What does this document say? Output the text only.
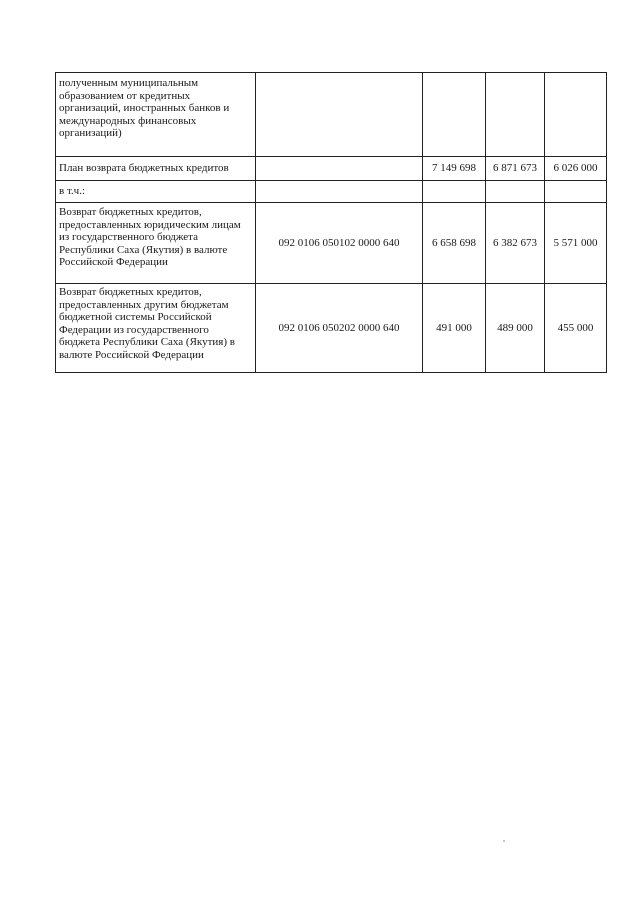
полученным муниципальным образованием от кредитных организаций, иностранных банков и международных финансовых организаций)				
План возврата бюджетных кредитов		7 149 698	6 871 673	6 026 000
в т.ч.:				
Возврат бюджетных кредитов, предоставленных юридическим лицам из государственного бюджета Республики Саха (Якутия) в валюте Российской Федерации	092 0106 050102 0000 640	6 658 698	6 382 673	5 571 000
Возврат бюджетных кредитов, предоставленных другим бюджетам бюджетной системы Российской Федерации из государственного бюджета Республики Саха (Якутия) в валюте Российской Федерации	092 0106 050202 0000 640	491 000	489 000	455 000
